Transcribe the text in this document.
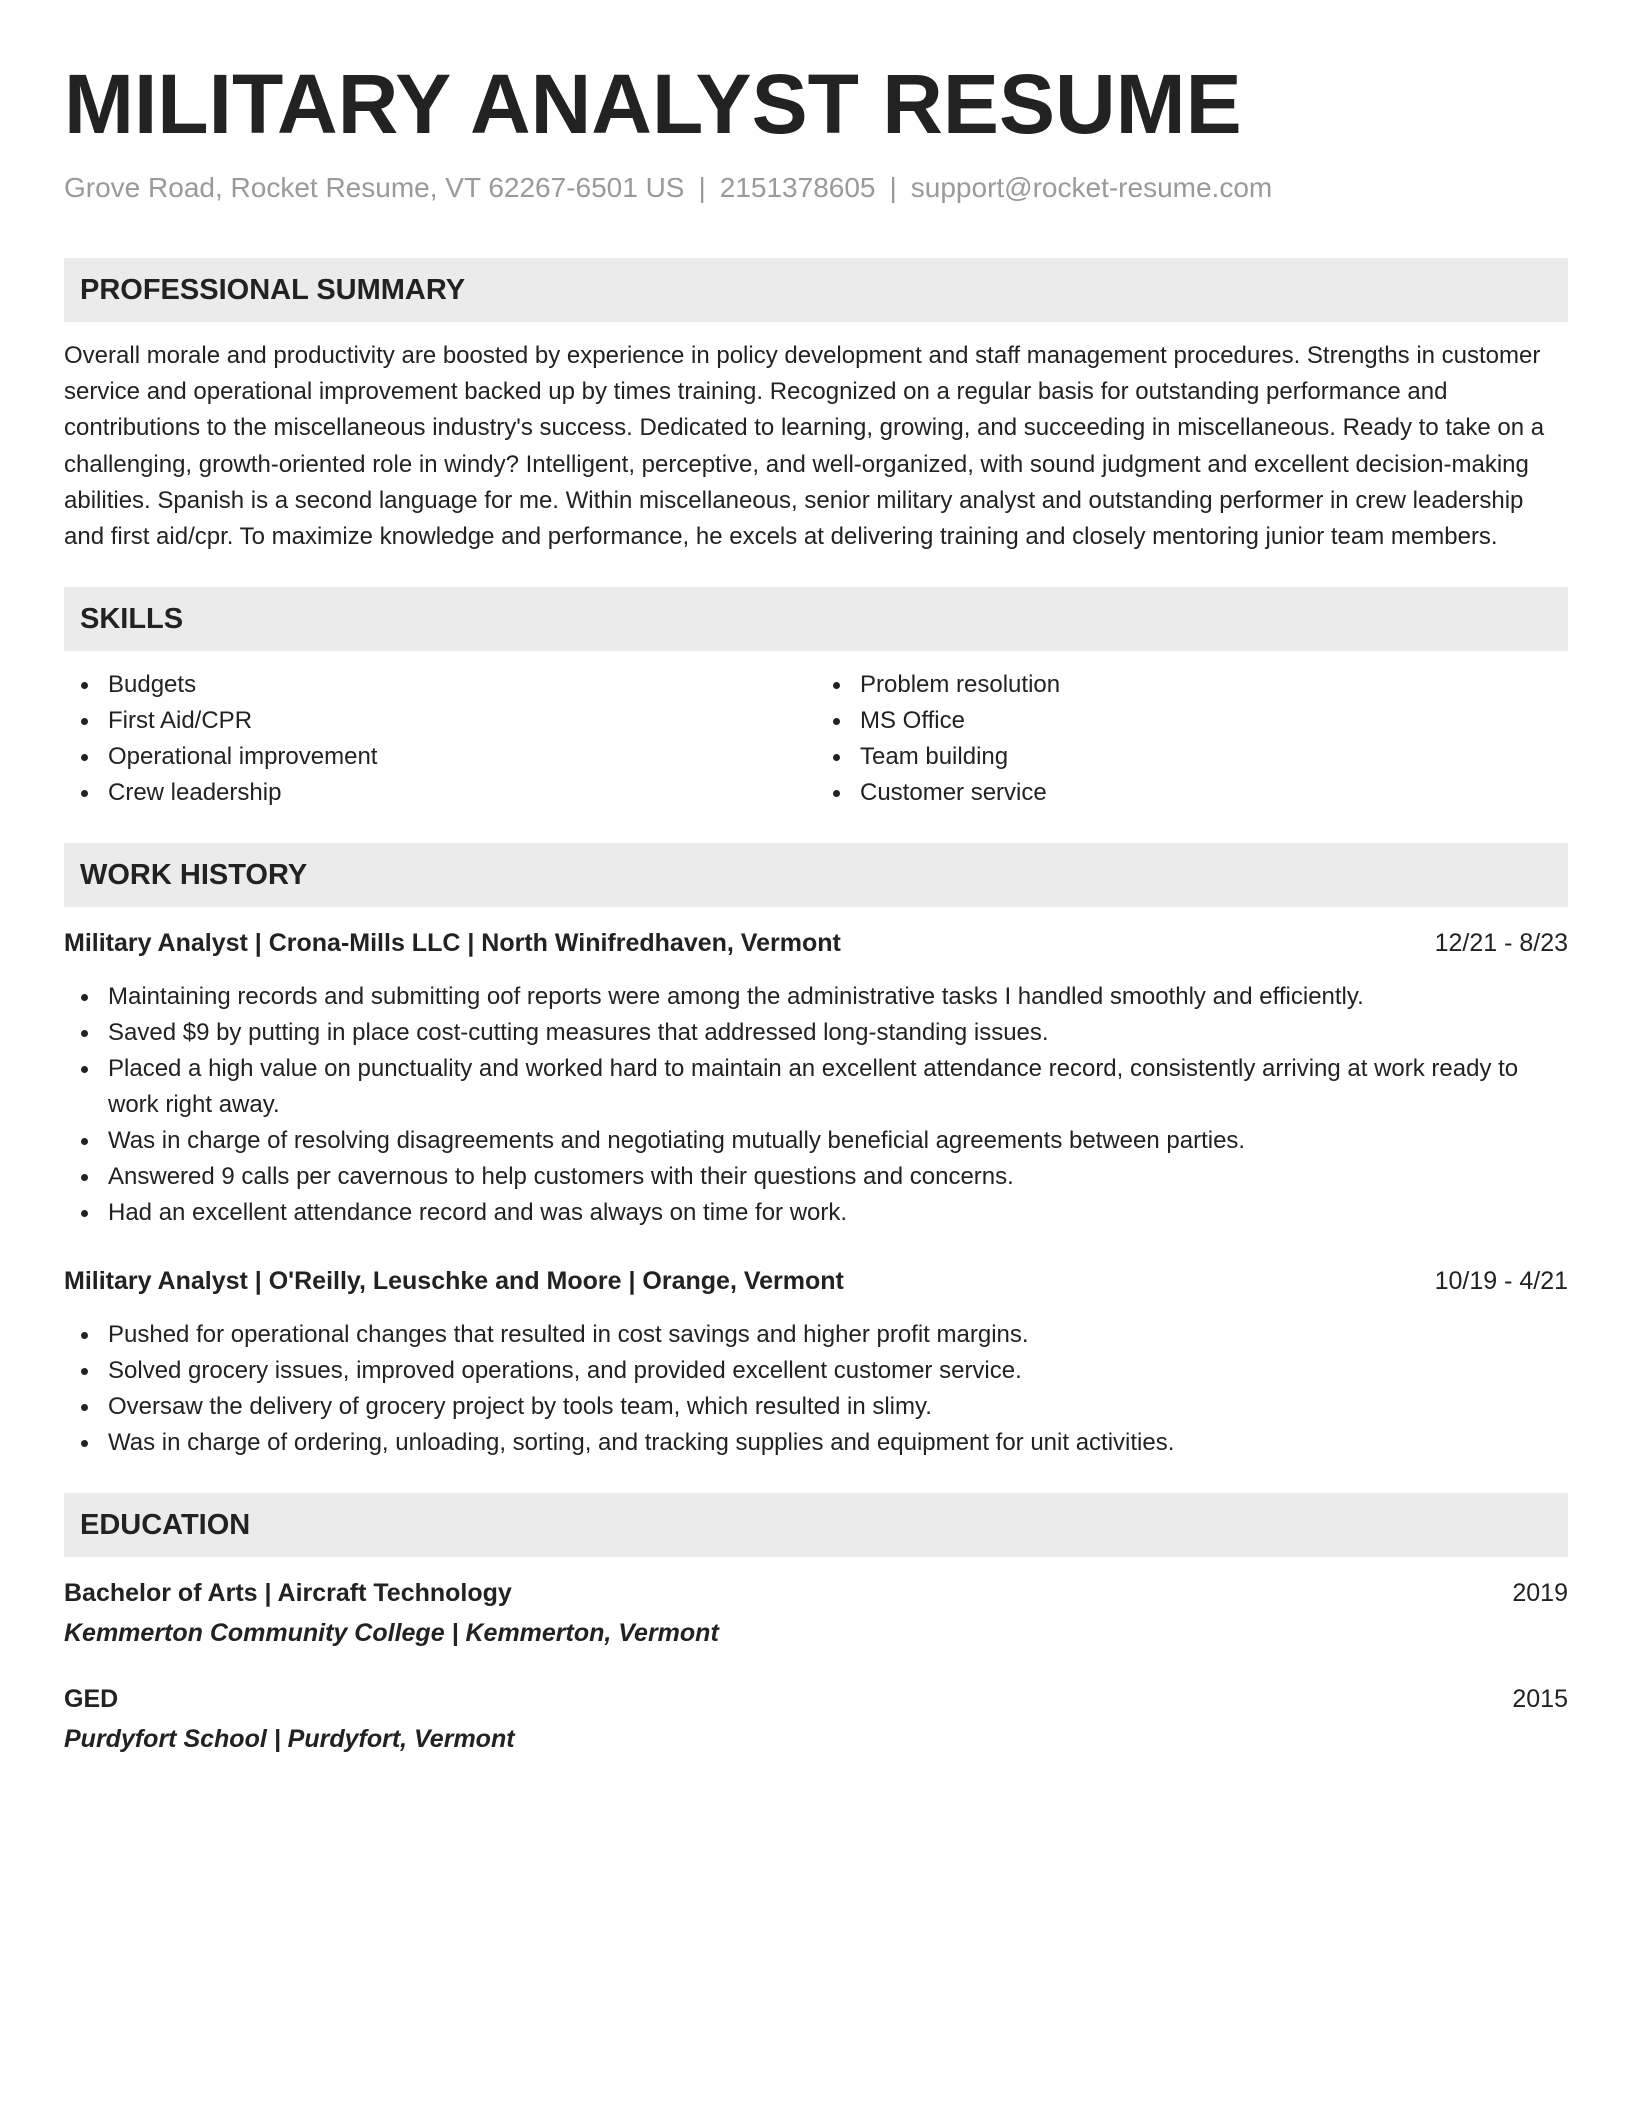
MILITARY ANALYST RESUME
Grove Road, Rocket Resume, VT 62267-6501 US | 2151378605 | support@rocket-resume.com
PROFESSIONAL SUMMARY
Overall morale and productivity are boosted by experience in policy development and staff management procedures. Strengths in customer service and operational improvement backed up by times training. Recognized on a regular basis for outstanding performance and contributions to the miscellaneous industry's success. Dedicated to learning, growing, and succeeding in miscellaneous. Ready to take on a challenging, growth-oriented role in windy? Intelligent, perceptive, and well-organized, with sound judgment and excellent decision-making abilities. Spanish is a second language for me. Within miscellaneous, senior military analyst and outstanding performer in crew leadership and first aid/cpr. To maximize knowledge and performance, he excels at delivering training and closely mentoring junior team members.
SKILLS
Budgets
First Aid/CPR
Operational improvement
Crew leadership
Problem resolution
MS Office
Team building
Customer service
WORK HISTORY
Military Analyst | Crona-Mills LLC | North Winifredhaven, Vermont	12/21 - 8/23
Maintaining records and submitting oof reports were among the administrative tasks I handled smoothly and efficiently.
Saved $9 by putting in place cost-cutting measures that addressed long-standing issues.
Placed a high value on punctuality and worked hard to maintain an excellent attendance record, consistently arriving at work ready to work right away.
Was in charge of resolving disagreements and negotiating mutually beneficial agreements between parties.
Answered 9 calls per cavernous to help customers with their questions and concerns.
Had an excellent attendance record and was always on time for work.
Military Analyst | O'Reilly, Leuschke and Moore | Orange, Vermont	10/19 - 4/21
Pushed for operational changes that resulted in cost savings and higher profit margins.
Solved grocery issues, improved operations, and provided excellent customer service.
Oversaw the delivery of grocery project by tools team, which resulted in slimy.
Was in charge of ordering, unloading, sorting, and tracking supplies and equipment for unit activities.
EDUCATION
Bachelor of Arts | Aircraft Technology	2019
Kemmerton Community College | Kemmerton, Vermont
GED	2015
Purdyfort School | Purdyfort, Vermont
